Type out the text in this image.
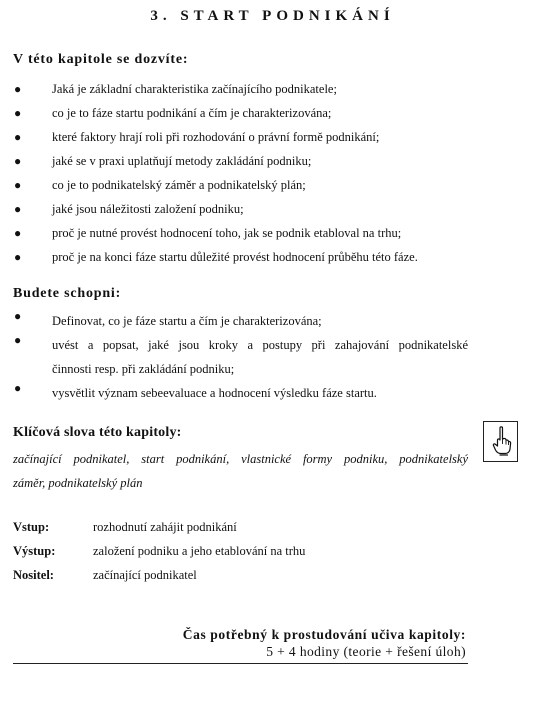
3. START PODNIKÁNÍ
V této kapitole se dozvíte:
● Jaká je základní charakteristika začínajícího podnikatele;
● co je to fáze startu podnikání a čím je charakterizována;
● které faktory hrají roli při rozhodování o právní formě podnikání;
● jaké se v praxi uplatňují metody zakládání podniku;
● co je to podnikatelský záměr a podnikatelský plán;
● jaké jsou náležitosti založení podniku;
● proč je nutné provést hodnocení toho, jak se podnik etabloval na trhu;
● proč je na konci fáze startu důležité provést hodnocení průběhu této fáze.
Budete schopni:
● Definovat, co je fáze startu a čím je charakterizována;
● uvést a popsat, jaké jsou kroky a postupy při zahajování podnikatelské
činnosti resp. při zakládání podniku;
● vysvětlit význam sebeevaluace a hodnocení výsledku fáze startu.
Klíčová slova této kapitoly:
začínající podnikatel, start podnikání, vlastnické formy podniku, podnikatelský
záměr, podnikatelský plán
Vstup:	rozhodnutí zahájit podnikání
Výstup:	založení podniku a jeho etablování na trhu
Nositel:	začínající podnikatel
Čas potřebný k prostudování učiva kapitoly:
5 + 4 hodiny (teorie + řešení úloh)
